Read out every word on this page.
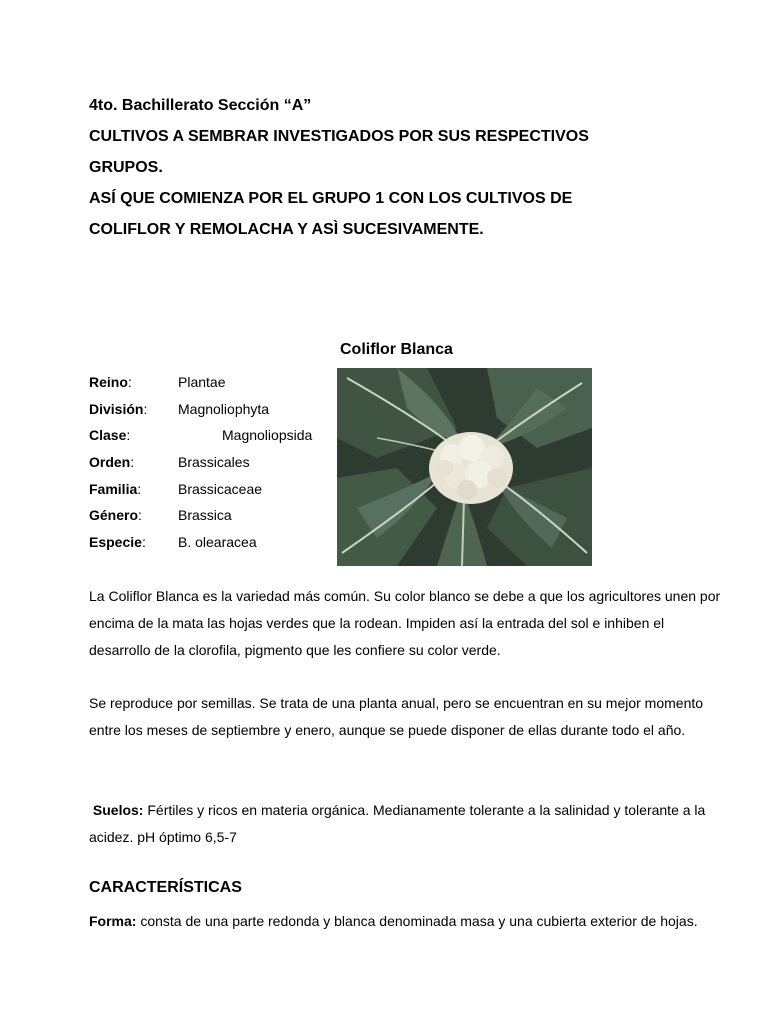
4to. Bachillerato Sección “A”

CULTIVOS A SEMBRAR INVESTIGADOS POR SUS RESPECTIVOS

GRUPOS.

ASÍ QUE COMIENZA POR EL GRUPO 1 CON LOS CULTIVOS DE

COLIFLOR Y REMOLACHA Y ASÌ SUCESIVAMENTE.

Coliflor Blanca
Reino:	Plantae
División: Magnoliophyta
Clase:	Magnoliopsida
Orden:	Brassicales
Familia:	Brassicaceae
Género:	Brassica
Especie: B. olearacea

La Coliflor Blanca es la variedad más común. Su color blanco se debe a que los agricultores unen por encima de la mata las hojas verdes que la rodean. Impiden así la entrada del sol e inhiben el desarrollo de la clorofila, pigmento que les confiere su color verde.

Se reproduce por semillas. Se trata de una planta anual, pero se encuentran en su mejor momento entre los meses de septiembre y enero, aunque se puede disponer de ellas durante todo el año.

Suelos: Fértiles y ricos en materia orgánica. Medianamente tolerante a la salinidad y tolerante a la acidez. pH óptimo 6,5-7

CARACTERÍSTICAS

Forma: consta de una parte redonda y blanca denominada masa y una cubierta exterior de hojas.
